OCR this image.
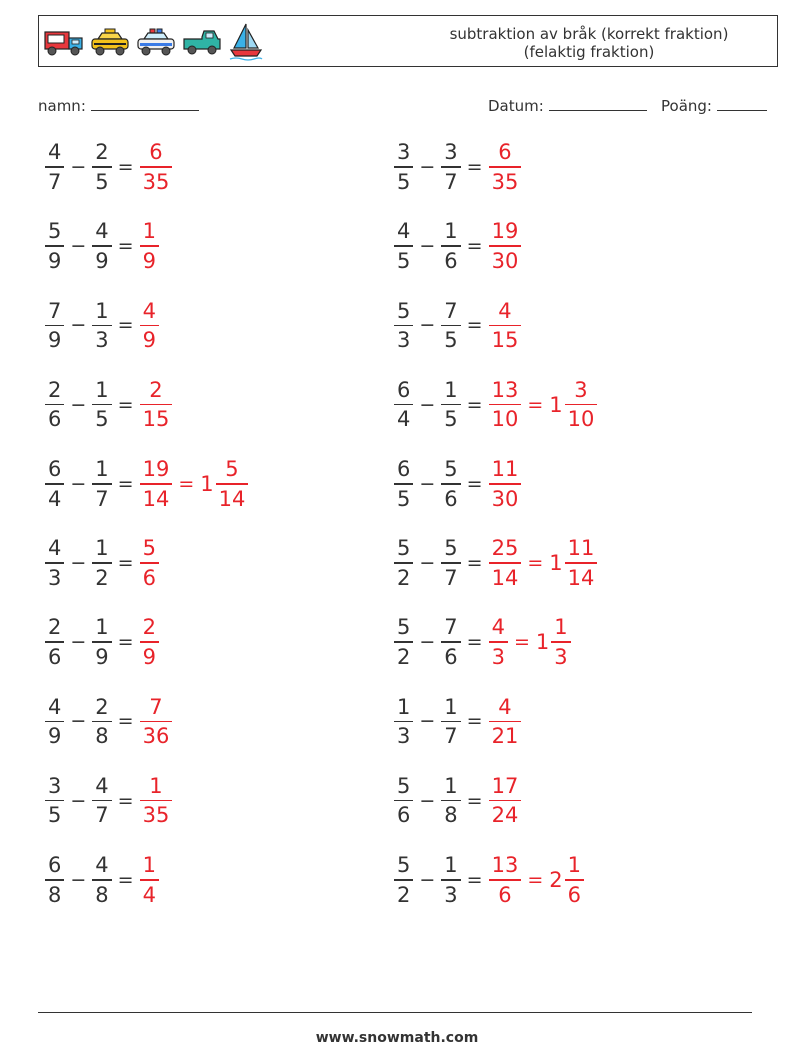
subtraktion av bråk (korrekt fraktion)
(felaktig fraktion)
namn:	Datum:	Poäng:
$\frac{4}{7} - \frac{2}{5} = \frac{6}{35}$
$\frac{5}{9} - \frac{4}{9} = \frac{1}{9}$
$\frac{7}{9} - \frac{1}{3} = \frac{4}{9}$
$\frac{2}{6} - \frac{1}{5} = \frac{2}{15}$
$\frac{6}{4} - \frac{1}{7} = \frac{19}{14} = 1 \frac{5}{14}$
$\frac{4}{3} - \frac{1}{2} = \frac{5}{6}$
$\frac{2}{6} - \frac{1}{9} = \frac{2}{9}$
$\frac{4}{9} - \frac{2}{8} = \frac{7}{36}$
$\frac{3}{5} - \frac{4}{7} = \frac{1}{35}$
$\frac{6}{8} - \frac{4}{8} = \frac{1}{4}$
$\frac{3}{5} - \frac{3}{7} = \frac{6}{35}$
$\frac{4}{5} - \frac{1}{6} = \frac{19}{30}$
$\frac{5}{3} - \frac{7}{5} = \frac{4}{15}$
$\frac{6}{4} - \frac{1}{5} = \frac{13}{10} = 1 \frac{3}{10}$
$\frac{6}{5} - \frac{5}{6} = \frac{11}{30}$
$\frac{5}{2} - \frac{5}{7} = \frac{25}{14} = 1 \frac{11}{14}$
$\frac{5}{2} - \frac{7}{6} = \frac{4}{3} = 1 \frac{1}{3}$
$\frac{1}{3} - \frac{1}{7} = \frac{4}{21}$
$\frac{5}{6} - \frac{1}{8} = \frac{17}{24}$
$\frac{5}{2} - \frac{1}{3} = \frac{13}{6} = 2 \frac{1}{6}$
www.snowmath.com
